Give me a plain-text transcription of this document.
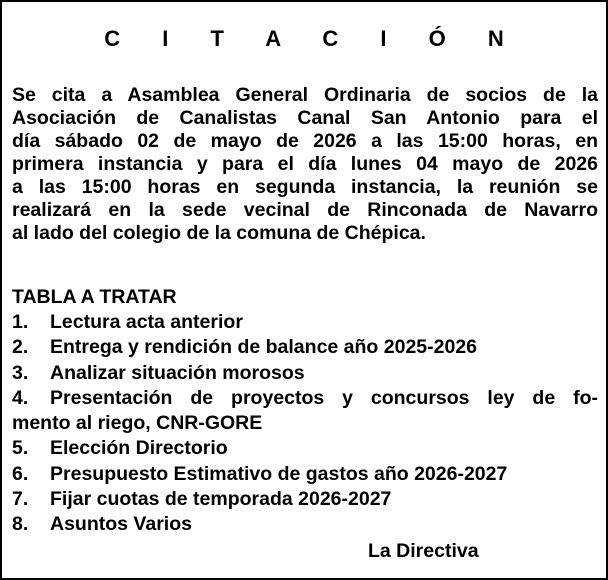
C I T A C I Ó N
Se cita a Asamblea General Ordinaria de socios de la
Asociación de Canalistas Canal San Antonio para el
día sábado 02 de mayo de 2026 a las 15:00 horas, en
primera instancia y para el día lunes 04 mayo de 2026
a las 15:00 horas en segunda instancia, la reunión se
realizará en la sede vecinal de Rinconada de Navarro
al lado del colegio de la comuna de Chépica.
TABLA A TRATAR
1.	Lectura acta anterior
2.	Entrega y rendición de balance año 2025-2026
3.	Analizar situación morosos
4.	Presentación de proyectos y concursos ley de fo-
mento al riego, CNR-GORE
5.	Elección Directorio
6.	Presupuesto Estimativo de gastos año 2026-2027
7.	Fijar cuotas de temporada 2026-2027
8.	Asuntos Varios
La Directiva
